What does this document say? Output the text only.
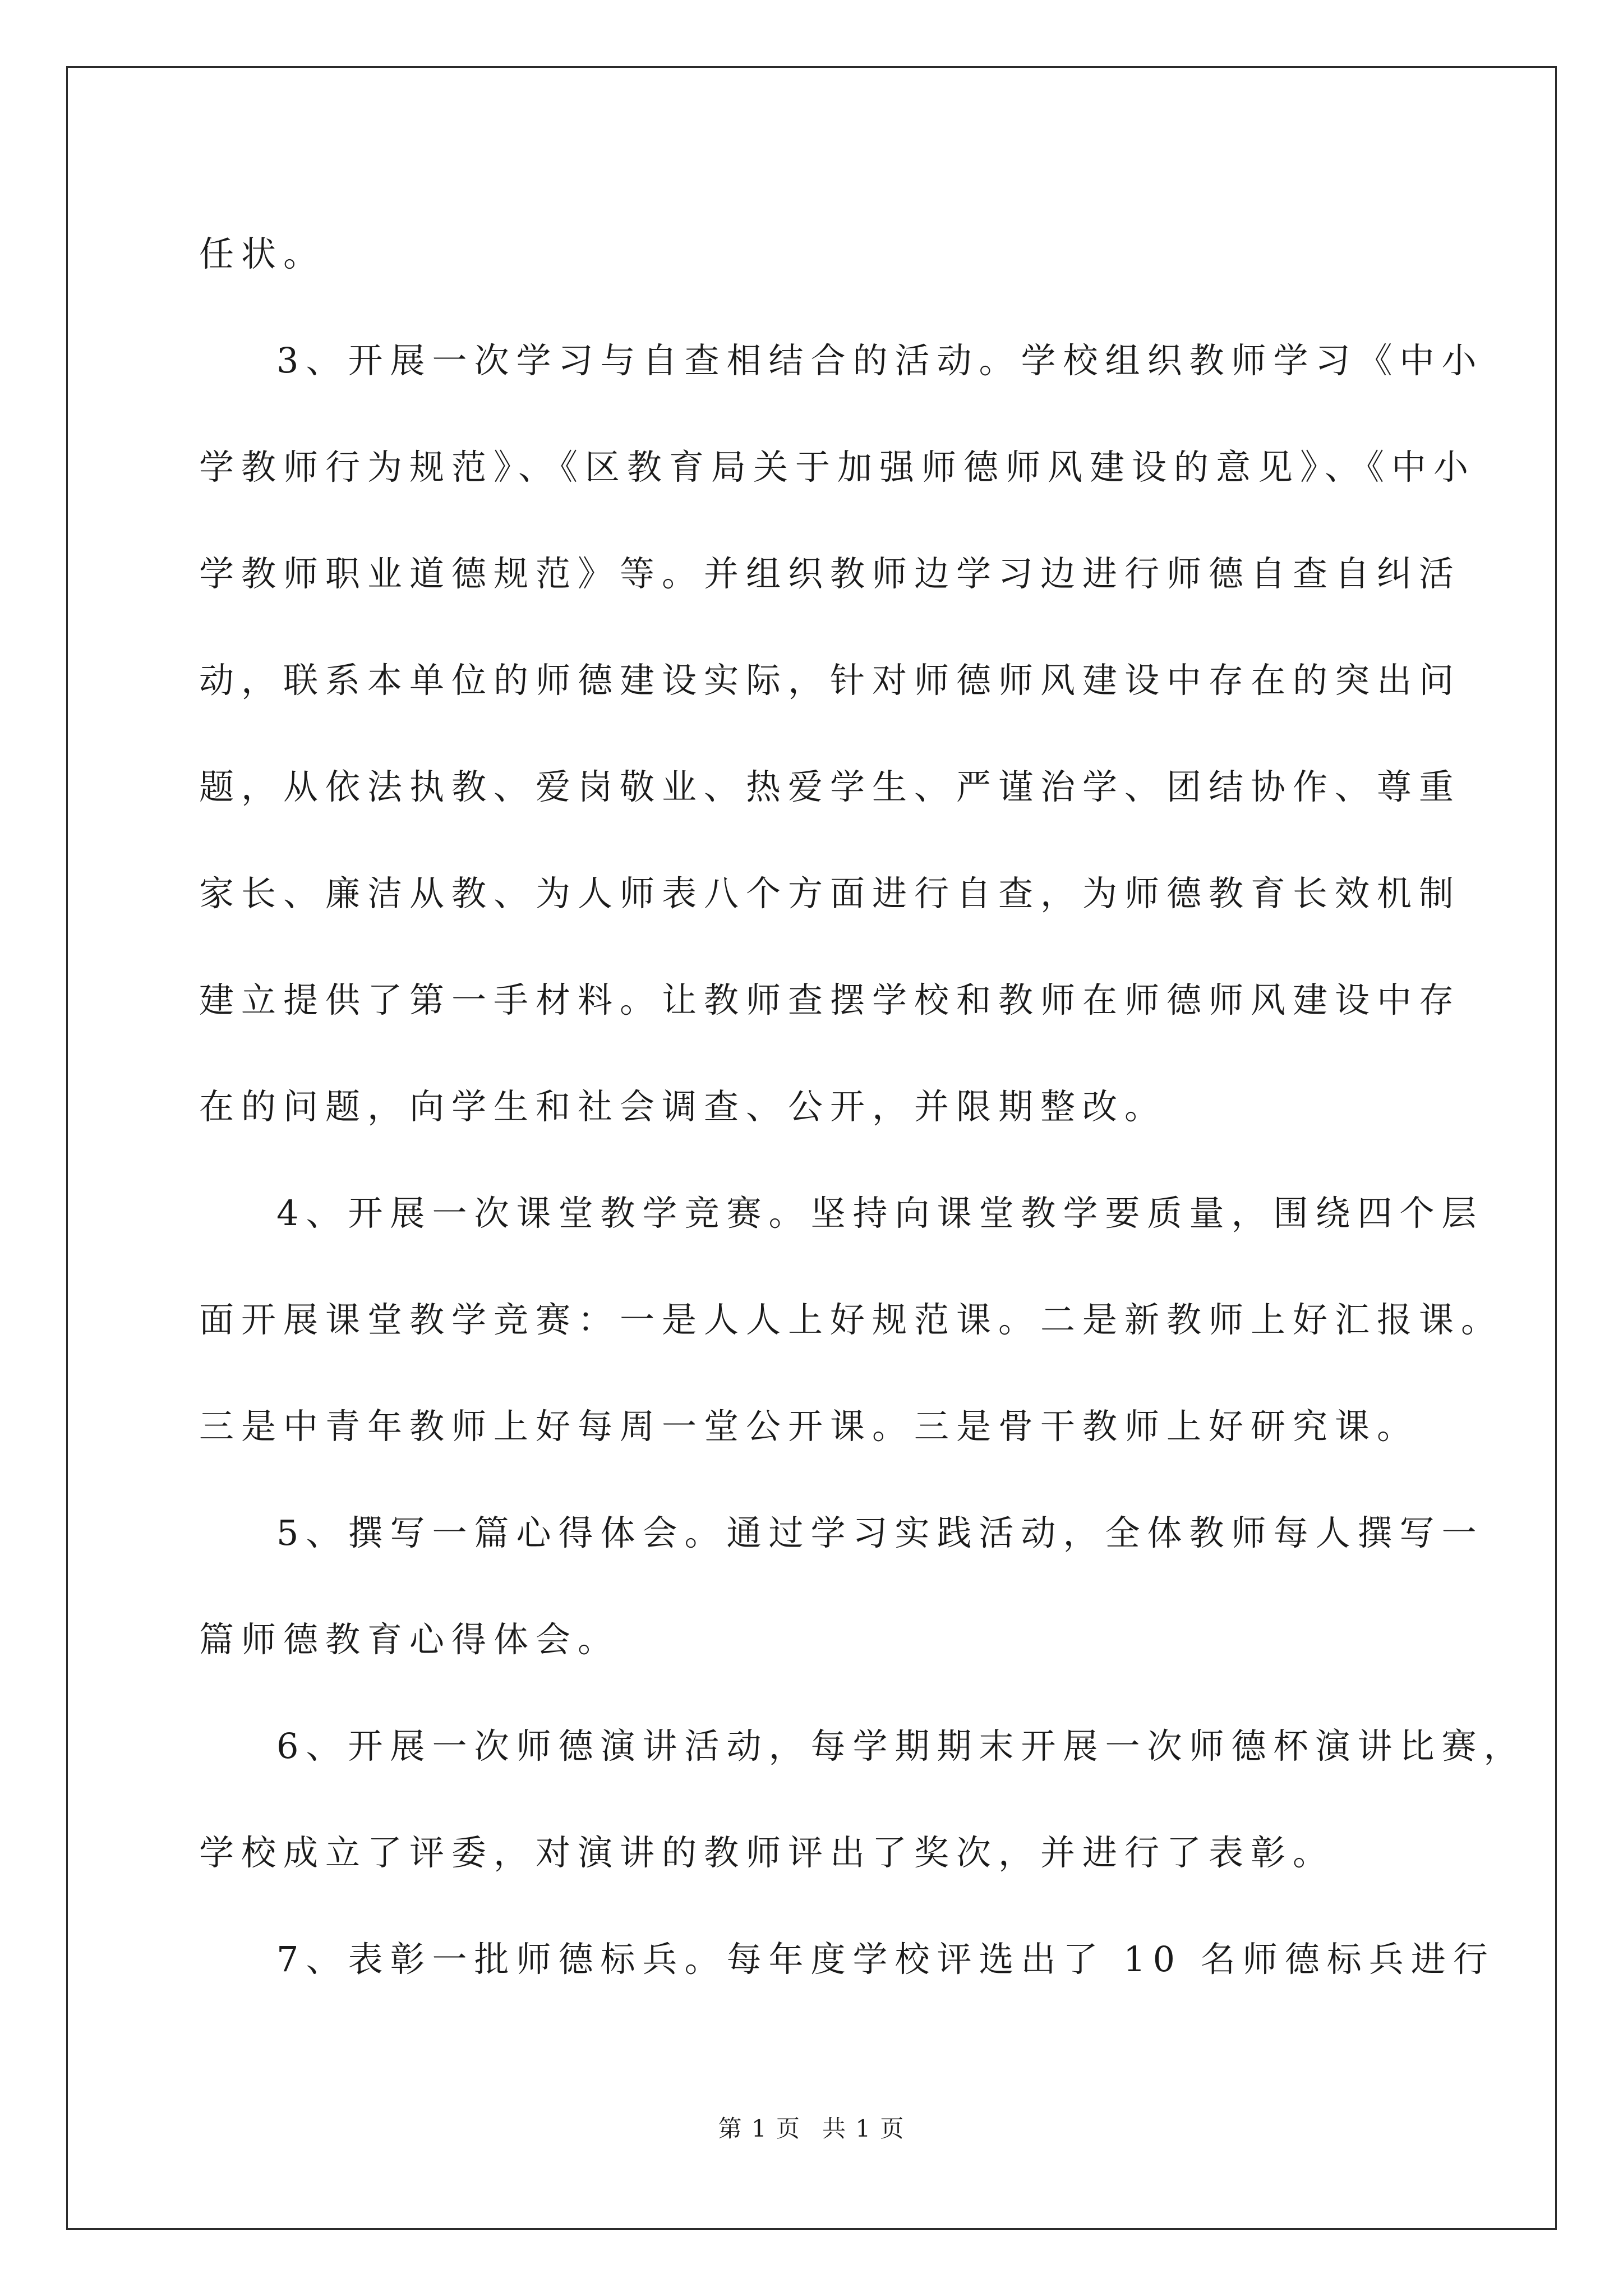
任状。
3、开展一次学习与自查相结合的活动。学校组织教师学习《中小
学教师行为规范》、《区教育局关于加强师德师风建设的意见》、《中小
学教师职业道德规范》等。并组织教师边学习边进行师德自查自纠活
动，联系本单位的师德建设实际，针对师德师风建设中存在的突出问
题，从依法执教、爱岗敬业、热爱学生、严谨治学、团结协作、尊重
家长、廉洁从教、为人师表八个方面进行自查，为师德教育长效机制
建立提供了第一手材料。让教师查摆学校和教师在师德师风建设中存
在的问题，向学生和社会调查、公开，并限期整改。
4、开展一次课堂教学竞赛。坚持向课堂教学要质量，围绕四个层
面开展课堂教学竞赛：一是人人上好规范课。二是新教师上好汇报课。
三是中青年教师上好每周一堂公开课。三是骨干教师上好研究课。
5、撰写一篇心得体会。通过学习实践活动，全体教师每人撰写一
篇师德教育心得体会。
6、开展一次师德演讲活动，每学期期末开展一次师德杯演讲比赛，
学校成立了评委，对演讲的教师评出了奖次，并进行了表彰。
7、表彰一批师德标兵。每年度学校评选出了 10 名师德标兵进行
第 1 页 共 1 页
